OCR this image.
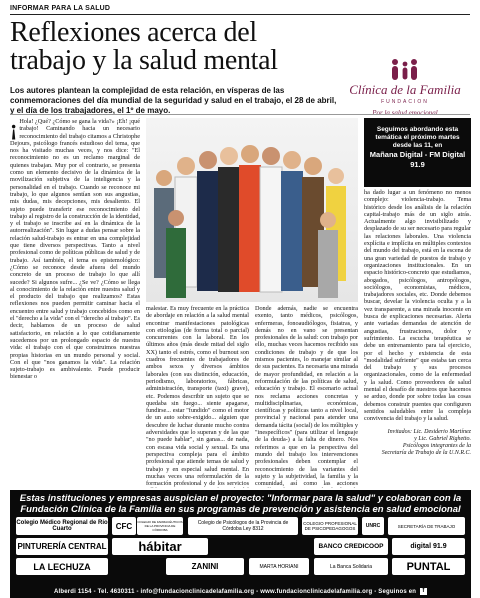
INFORMAR PARA LA SALUD
Reflexiones acerca del
trabajo y la salud mental
Clínica de la Familia
FUNDACION
Por la salud emocional

Los autores plantean la complejidad de esta relación, en vísperas de las conmemoraciones del día mundial de la seguridad y salud en el trabajo, el 28 de abril, y el día de los trabajadores, el 1º de mayo.

¡ Hola! ¿Qué? ¿Cómo se gana la vida?» ¡Eh! ¡qué trabajo! Caminando hacia un necesario reconocimiento del trabajo citamos a Christophe Dejours, psicólogo francés estudioso del tema, que nos ha visitado muchas veces, y nos dice: "El reconocimiento no es un reclamo marginal de quienes trabajan. Muy por el contrario, se presenta como un elemento decisivo de la dinámica de la movilización subjetiva de la inteligencia y la personalidad en el trabajo. Cuando se reconoce mi trabajo, lo que algunos sentían son sus angustias, mis dudas, mis decepciones, mis desaliento. El sujeto puede transferir ese reconocimiento del trabajo al registro de la construcción de la identidad, y el trabajo se inscribe así en la dinámica de la autorrealización". Sin lugar a dudas pensar sobre la relación salud-trabajo es entrar en una complejidad que tiene diversos perspectivas. Tanto a nivel profesional como de políticas públicas de salud y de trabajo. Así también, el tema es epistemológico: ¿Cómo se reconoce desde afuera del mundo concreto de un proceso de trabajo lo que allí sucede? Si algunos sufre... ¿Se ve? ¿Cómo se llega al conocimiento de la relación entre nuestra salud y el producto del trabajo que realizamos? Estas reflexiones nos pueden permitir caminar hacia el encuentro entre salud y trabajo concebidos como en el "derecho a la vida" con el "derecho al trabajo". Es decir, hablamos de un proceso de salud satisfactorio, en relación a lo que cotidianamente sucedemos por un prolongado espacio de nuestra vida: el trabajo con el que construimos nuestras propias historias en un mundo personal y social. Con el que "nos ganamos la vida". La relación sujeto-trabajo es ambivalente. Puede producir bienestar o
malestar. Es muy frecuente en la práctica de abordaje en relación a la salud mental encontrar manifestaciones patológicas con etiologías (de forma total o parcial) concurrentes con la laboral. En los últimos años (más desde mitad del siglo XX) tanto el estrés, como el burnout son cuadros frecuentes de trabajadores de ambos sexos y diversos ámbitos laborales (con sus distinción, educación, periodismo, laboratorios, fábricas, administración, transporte (taxi) grave), etc. Podemos describir un sujeto que se quedaba sin fuego... siente apagarse, fundirse... estar "fundido" como el motor de un auto sobre-exigido... alguien que descubre de luchar durante mucho contra adversidades que lo superan y de las que "no puede hablar", sin ganas... de nada, con escasa vida social y sexual. Es una perspectiva compleja para el ámbito profesional que atiende temas de salud y trabajo y en especial salud mental. En muchas veces una reformulación de la formación profesional y de los servicios
Donde además, nadie se encuentra exento, tanto médicos, psicólogos, enfermeras, fonoaudiólogos, fisiatras, y demás no en vano se presentan profesionales de la salud: con trabajo por ello, muchas veces hacemos recibido sus condiciones de trabajo y de que los mismos pacientes, lo manejar similar al de sus pacientes. Es necesaria una mirada de mayor profundidad, en relación a la reformulación de las políticas de salud, educación y trabajo. El escenario actual nos reclama acciones concretas y multidisciplinarias, económicas, científicas y políticas tanto a nivel local, provincial y nacional para atender una demanda tácita (social) de los múltiples y "inespecíficos" (para utilizar el lenguaje de la deuda-) a la falta de dinero. Nos referimos a que en la perspectiva del mundo del trabajo los intervenciones profesionales deben contemplar el reconocimiento de las variantes del sujeto y la subjetividad, la familia y la comunidad, así como las acciones
Seguimos abordando esta
temática el próximo martes
desde las 11, en
Mañana Digital - FM Digital 91.9
ha dado lugar a un fenómeno no menos complejo: violencia-trabajo. Tema histórico desde los análisis de la relación capital-trabajo más de un siglo atrás. Actualmente algo invisibilizado y desplazado de su ser necesario para regular las relaciones laborales. Una violencia explícita e implícita en múltiples contextos del mundo del trabajo, está en la escena de una gran variedad de puestos de trabajo y organizaciones institucionales. En un espacio histórico-concreto que estudiamos, abogados, psicólogos, antropólogos, sociólogos, economistas, médicos, trabajadores sociales, etc. Donde debemos buscar, develar la violencia oculta y a la vez transparente, a una mirada inocente en busca de explicaciones necesarias. Alerta ante variadas demandas de atención de angustias, frustraciones, dolor y sufrimiento. La escucha terapéutica se debe un entrenamiento para tal ejercicio, por el hecho y existencia de esta "modalidad sufriente" que estaba tan cerca del trabajo y sus procesos organizacionales, como de la enfermedad y la salud. Como proveedores de salud mental el desafío de nuestros que hacemos se arduo, donde por sobre todas las cosas debemos construir puentes que configuren sentidos saludables entre la compleja convivencia del trabajo y la salud.
Invitados: Lic. Desiderio Martínez
y Lic. Gabriel Righetto.
Psicólogos integrantes de la
Secretaría de Trabajo de la U.N.R.C.
Estas instituciones y empresas auspician el proyecto: "Informar para la salud" y colaboran con la Fundación Clínica de la Familia en sus programas de prevención y asistencia en salud emocional
Colegio Médico Regional de Río Cuarto	CFC	COLEGIO DE FARMACÉUTICOS DE LA PROVINCIA DE CÓRDOBA
Colegio de Psicólogos de la Provincia de Córdoba Ley 8312
COLEGIO PROFESIONAL DE PSICOPEDAGOGOS	UNRC	SECRETARÍA DE TRABAJO
PINTURERÍA CENTRAL	hábitar	BANCO CREDICOOP	digital 91.9
LA LECHUZA	ZANINI	MARTA HORIANI	La Banca Solidaria	PUNTAL
Alberdi 1154 - Tel. 4630311 - info@fundacionclinicadelafamilia.org - www.fundacionclinicadelafamilia.org - Seguinos en f
